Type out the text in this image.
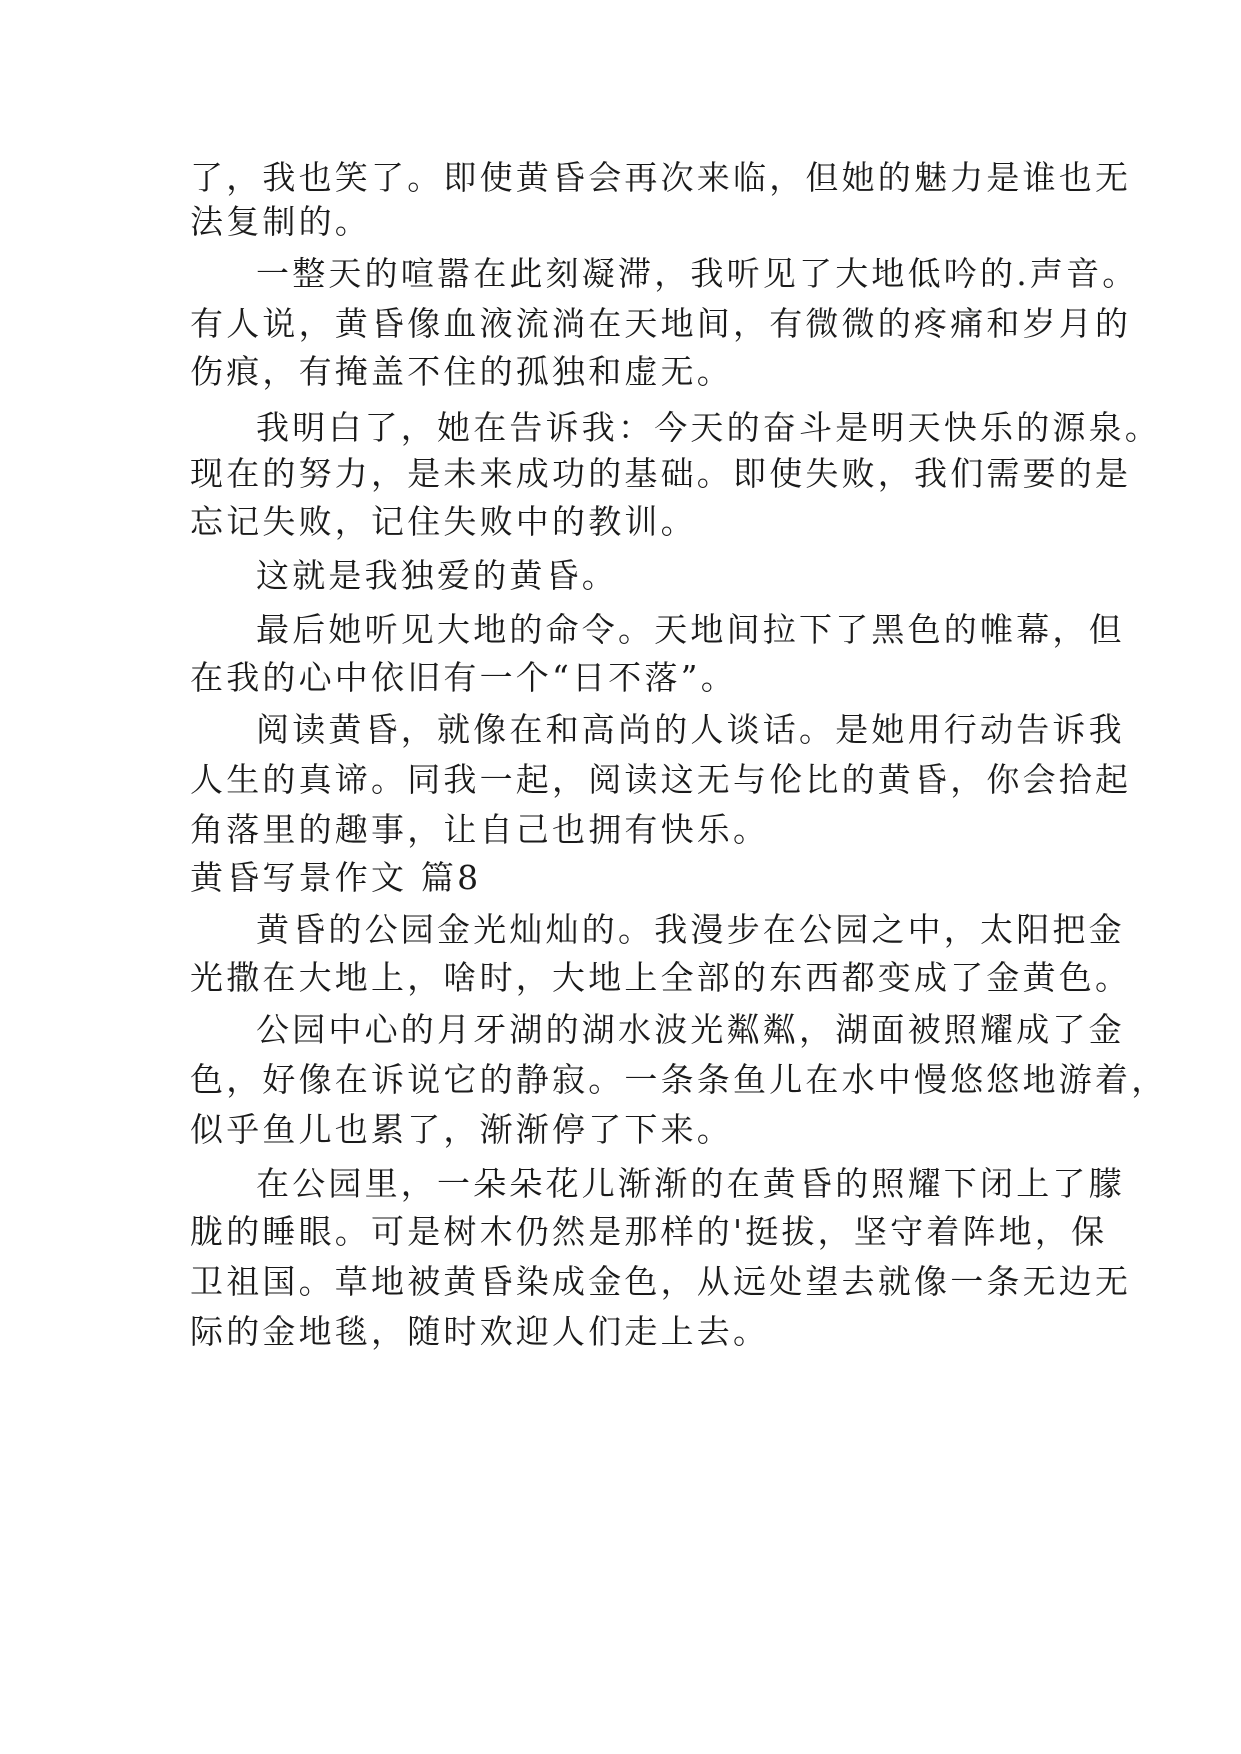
了，我也笑了。即使黄昏会再次来临，但她的魅力是谁也无
法复制的。
一整天的喧嚣在此刻凝滞，我听见了大地低吟的.声音。
有人说，黄昏像血液流淌在天地间，有微微的疼痛和岁月的
伤痕，有掩盖不住的孤独和虚无。
我明白了，她在告诉我：今天的奋斗是明天快乐的源泉。
现在的努力，是未来成功的基础。即使失败，我们需要的是
忘记失败，记住失败中的教训。
这就是我独爱的黄昏。
最后她听见大地的命令。天地间拉下了黑色的帷幕，但
在我的心中依旧有一个“日不落”。
阅读黄昏，就像在和高尚的人谈话。是她用行动告诉我
人生的真谛。同我一起，阅读这无与伦比的黄昏，你会拾起
角落里的趣事，让自己也拥有快乐。
黄昏写景作文 篇8
黄昏的公园金光灿灿的。我漫步在公园之中，太阳把金
光撒在大地上，啥时，大地上全部的东西都变成了金黄色。
公园中心的月牙湖的湖水波光粼粼，湖面被照耀成了金
色，好像在诉说它的静寂。一条条鱼儿在水中慢悠悠地游着，
似乎鱼儿也累了，渐渐停了下来。
在公园里，一朵朵花儿渐渐的在黄昏的照耀下闭上了朦
胧的睡眼。可是树木仍然是那样的'挺拔，坚守着阵地，保
卫祖国。草地被黄昏染成金色，从远处望去就像一条无边无
际的金地毯，随时欢迎人们走上去。
